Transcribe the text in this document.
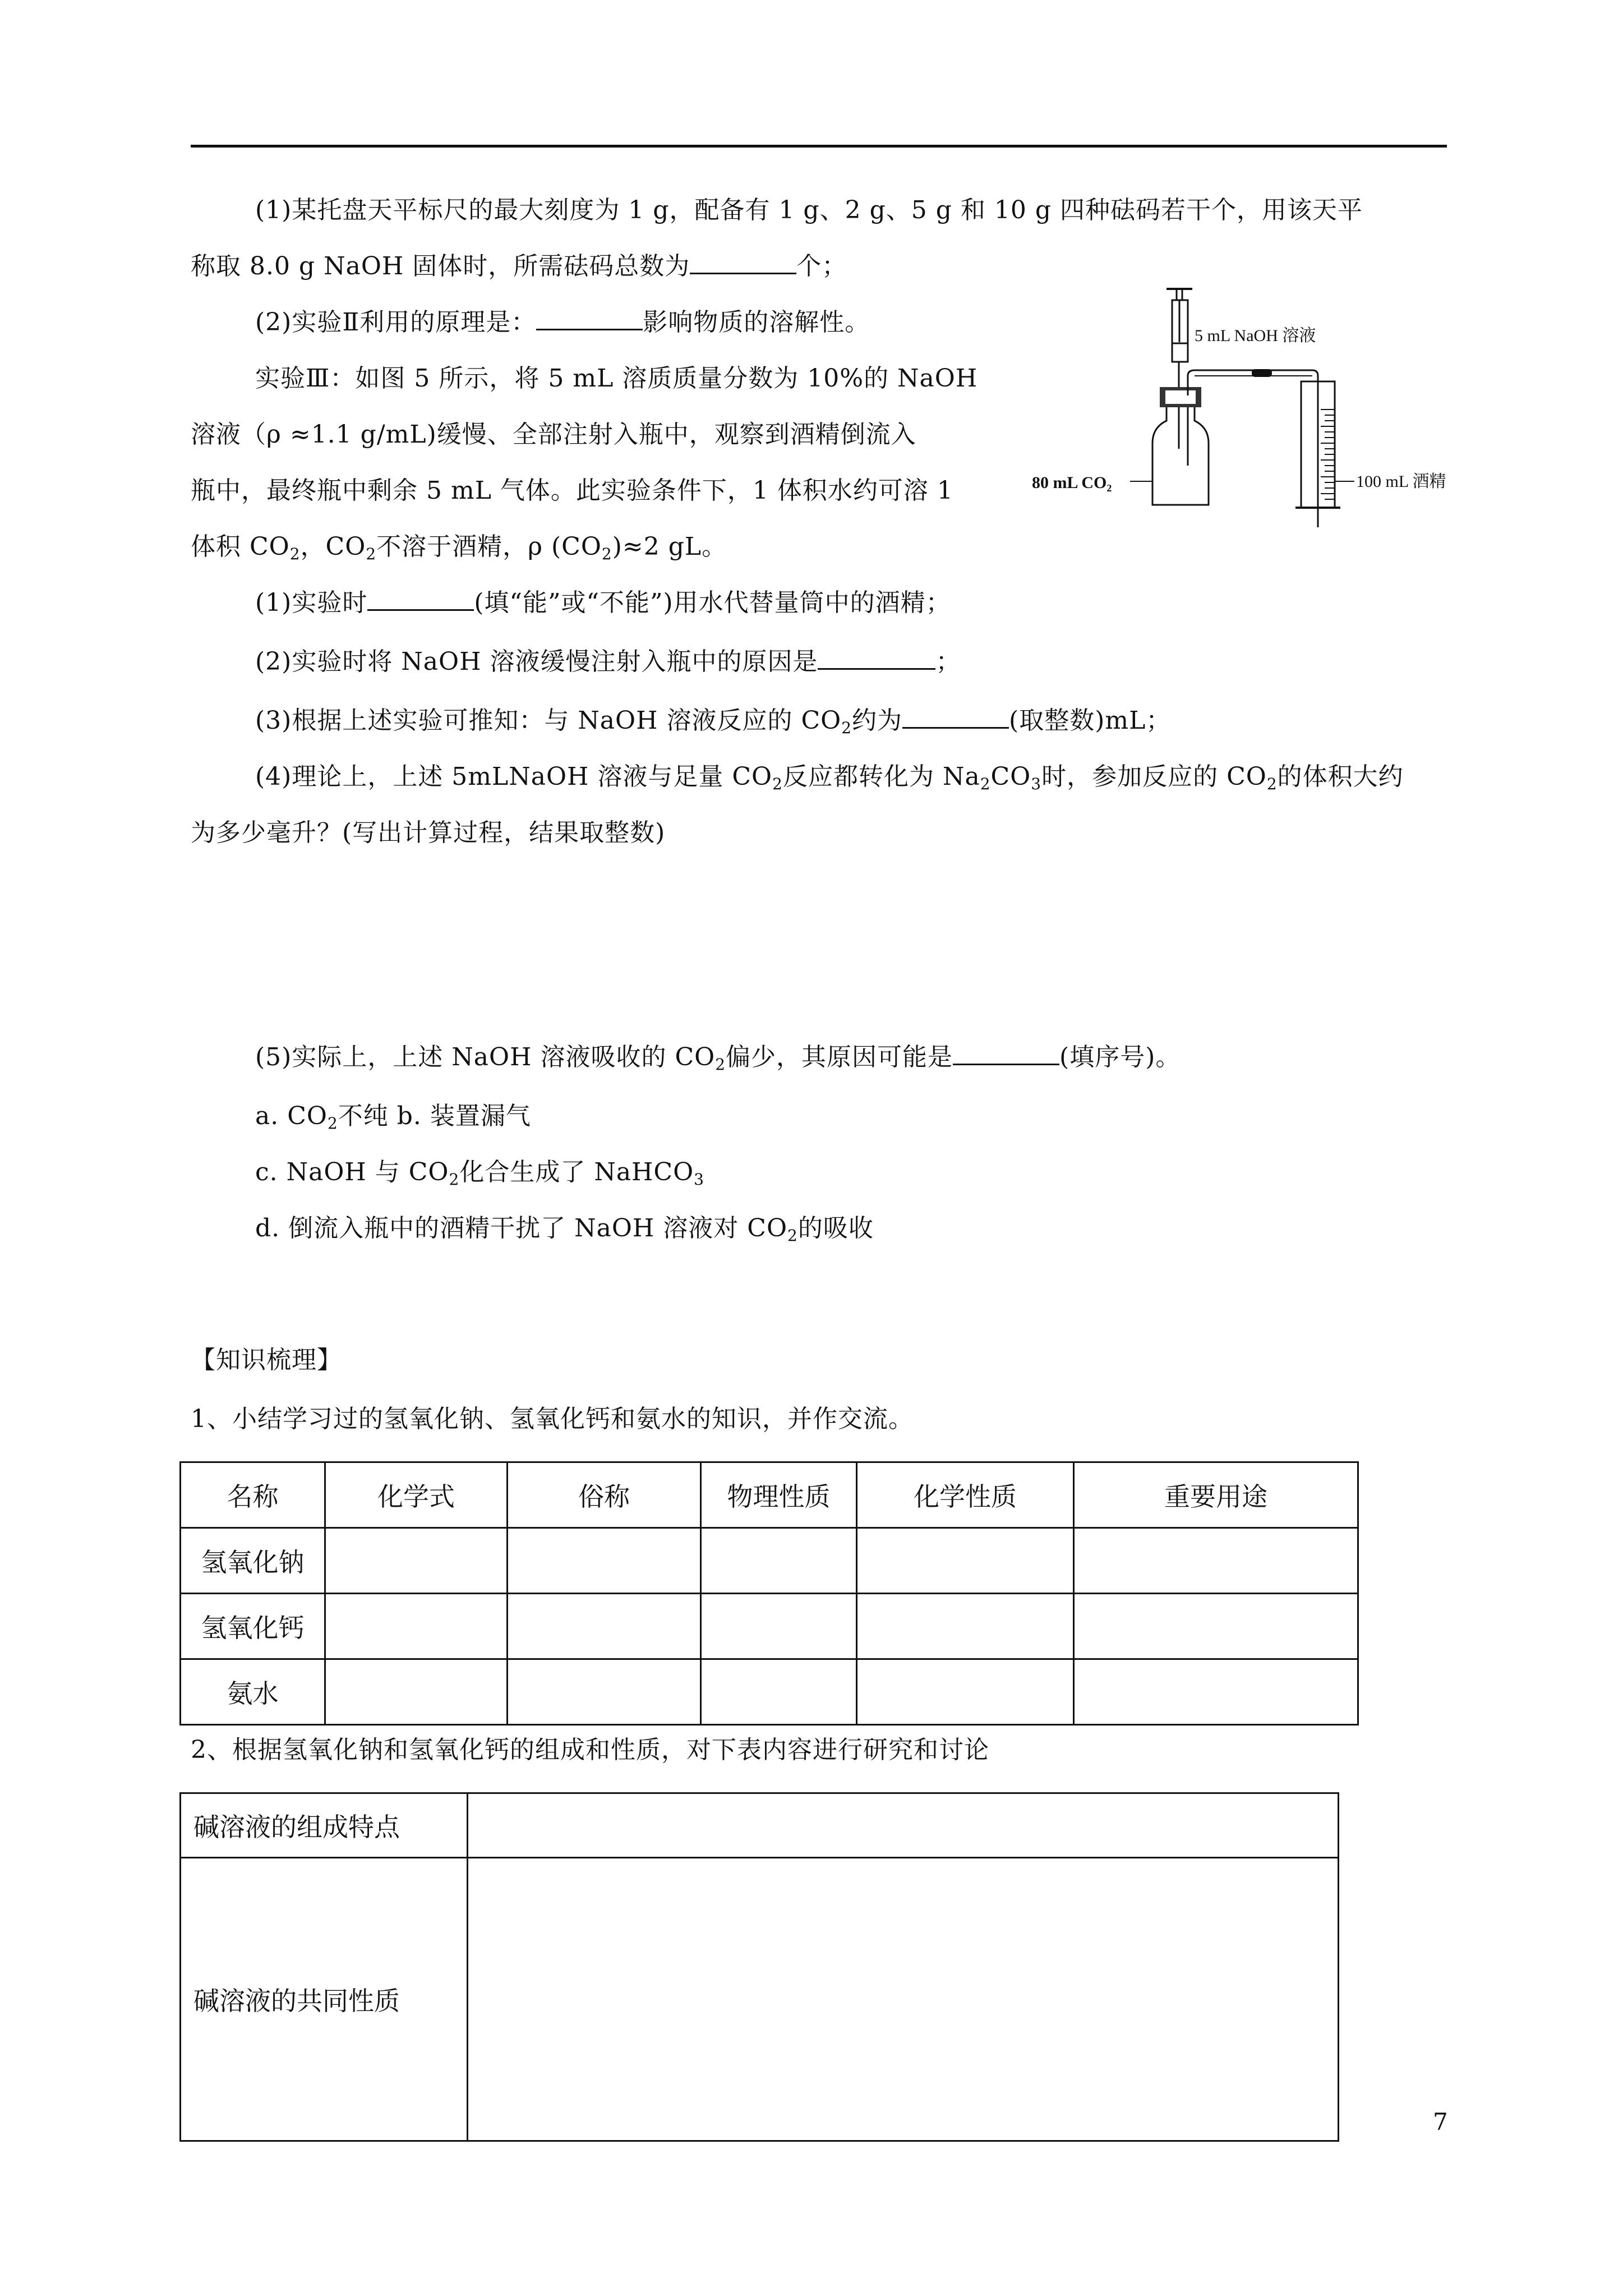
(1)某托盘天平标尺的最大刻度为 1 g，配备有 1 g、2 g、5 g 和 10 g 四种砝码若干个，用该天平
称取 8.0 g NaOH 固体时，所需砝码总数为	个；
(2)实验Ⅱ利用的原理是：	影响物质的溶解性。
实验Ⅲ：如图 5 所示，将 5 mL 溶质质量分数为 10%的 NaOH
溶液（ρ ≈1.1 g/mL)缓慢、全部注射入瓶中，观察到酒精倒流入
瓶中，最终瓶中剩余 5 mL 气体。此实验条件下，1 体积水约可溶 1
体积 $CO_2$，$CO_2$不溶于酒精，ρ $(CO_2)\approx 2$ gL。
(1)实验时	(填“能”或“不能”)用水代替量筒中的酒精；
(2)实验时将 NaOH 溶液缓慢注射入瓶中的原因是	；
(3)根据上述实验可推知：与 NaOH 溶液反应的 $CO_2$约为	(取整数)mL；
(4)理论上，上述 5mLNaOH 溶液与足量 $CO_2$反应都转化为 $Na_2CO_3$时，参加反应的 $CO_2$的体积大约
为多少毫升？(写出计算过程，结果取整数)
(5)实际上，上述 NaOH 溶液吸收的 $CO_2$偏少，其原因可能是	(填序号)。
a. $CO_2$不纯 b. 装置漏气
c. NaOH 与 $CO_2$化合生成了 NaHCO$_3$
d. 倒流入瓶中的酒精干扰了 NaOH 溶液对 $CO_2$的吸收
【知识梳理】
1、小结学习过的氢氧化钠、氢氧化钙和氨水的知识，并作交流。
5 mL NaOH 溶液
80 mL CO₂	100 mL 酒精
名称	化学式	俗称	物理性质	化学性质	重要用途
氢氧化钠					
氢氧化钙					
氨水					
2、根据氢氧化钠和氢氧化钙的组成和性质，对下表内容进行研究和讨论
碱溶液的组成特点	
碱溶液的共同性质	
7
